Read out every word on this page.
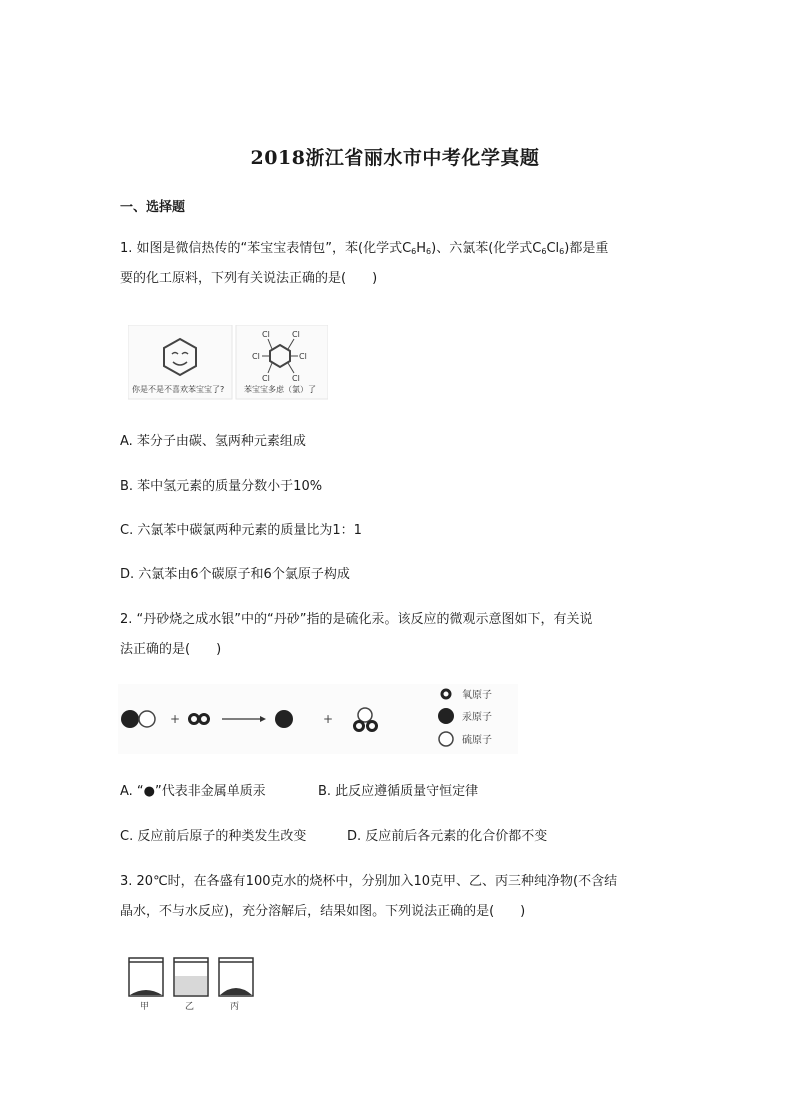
2018浙江省丽水市中考化学真题
一、选择题
1. 如图是微信热传的“苯宝宝表情包”，苯(化学式$C_6H_6$)、六氯苯(化学式$C_6Cl_6$)都是重
要的化工原料，下列有关说法正确的是(　　)
你是不是不喜欢苯宝宝了?
Cl	Cl
Cl	Cl
Cl	Cl
苯宝宝多虑（氯）了
A. 苯分子由碳、氢两种元素组成
B. 苯中氢元素的质量分数小于10%
C. 六氯苯中碳氯两种元素的质量比为1：1
D. 六氯苯由6个碳原子和6个氯原子构成
2. “丹砂烧之成水银”中的“丹砂”指的是硫化汞。该反应的微观示意图如下，有关说
法正确的是(　　)
+	+
氧原子
汞原子
硫原子
A. “●”代表非金属单质汞	B. 此反应遵循质量守恒定律
C. 反应前后原子的种类发生改变	D. 反应前后各元素的化合价都不变
3. 20℃时，在各盛有100克水的烧杯中，分别加入10克甲、乙、丙三种纯净物(不含结
晶水，不与水反应)，充分溶解后，结果如图。下列说法正确的是(　　)
甲	乙	丙
